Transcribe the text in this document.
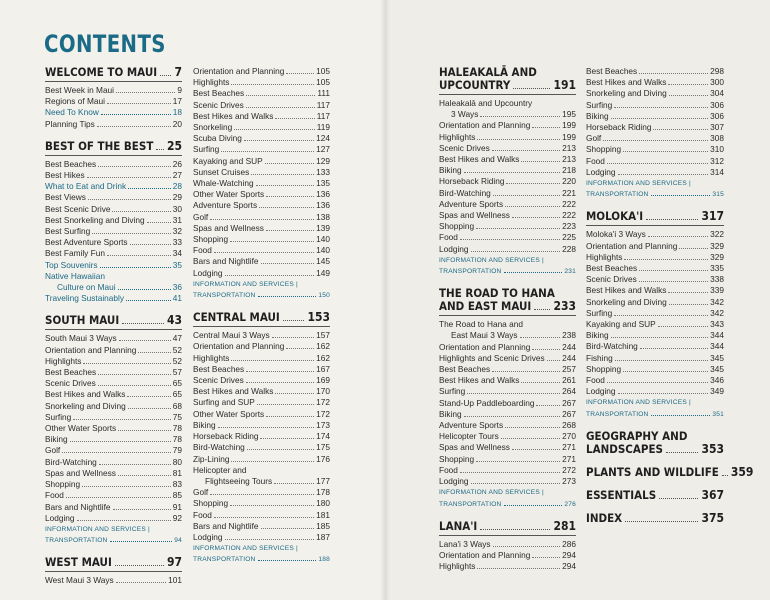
CONTENTS
WELCOME TO MAUI 7
Best Week in Maui	9
Regions of Maui	17
Need To Know	18
Planning Tips	20
BEST OF THE BEST 25
Best Beaches	26
Best Hikes	27
What to Eat and Drink	28
Best Views	29
Best Scenic Drive	30
Best Snorkeling and Diving	31
Best Surfing	32
Best Adventure Sports	33
Best Family Fun	34
Top Souvenirs	35
Native Hawaiian
Culture on Maui	36
Traveling Sustainably	41
SOUTH MAUI	43
South Maui 3 Ways	47
Orientation and Planning	52
Highlights	52
Best Beaches	57
Scenic Drives	65
Best Hikes and Walks	65
Snorkeling and Diving	68
Surfing	75
Other Water Sports	78
Biking	78
Golf	79
Bird-Watching	80
Spas and Wellness	81
Shopping	83
Food	85
Bars and Nightlife	91
Lodging	92
INFORMATION AND SERVICES |
TRANSPORTATION	94
WEST MAUI	97
West Maui 3 Ways	101
Orientation and Planning	105
Highlights	105
Best Beaches	111
Scenic Drives	117
Best Hikes and Walks	117
Snorkeling	119
Scuba Diving	124
Surfing	127
Kayaking and SUP	129
Sunset Cruises	133
Whale-Watching	135
Other Water Sports	136
Adventure Sports	136
Golf	138
Spas and Wellness	139
Shopping	140
Food	140
Bars and Nightlife	145
Lodging	149
INFORMATION AND SERVICES |
TRANSPORTATION	150
CENTRAL MAUI 153
Central Maui 3 Ways	157
Orientation and Planning	162
Highlights	162
Best Beaches	167
Scenic Drives	169
Best Hikes and Walks	170
Surfing and SUP	172
Other Water Sports	172
Biking	173
Horseback Riding	174
Bird-Watching	175
Zip-Lining	176
Helicopter and
Flightseeing Tours	177
Golf	178
Shopping	180
Food	181
Bars and Nightlife	185
Lodging	187
INFORMATION AND SERVICES |
TRANSPORTATION	188
HALEAKALĀ AND
UPCOUNTRY	191
Haleakalā and Upcountry
3 Ways	195
Orientation and Planning	199
Highlights	199
Scenic Drives	213
Best Hikes and Walks	213
Biking	218
Horseback Riding	220
Bird-Watching	221
Adventure Sports	222
Spas and Wellness	222
Shopping	223
Food	225
Lodging	228
INFORMATION AND SERVICES |
TRANSPORTATION	231
THE ROAD TO HANA
AND EAST MAUI 233
The Road to Hana and
East Maui 3 Ways	238
Orientation and Planning	244
Highlights and Scenic Drives 244
Best Beaches	257
Best Hikes and Walks	261
Surfing	264
Stand-Up Paddleboarding	267
Biking	267
Adventure Sports	268
Helicopter Tours	270
Spas and Wellness	271
Shopping	271
Food	272
Lodging	273
INFORMATION AND SERVICES |
TRANSPORTATION	276
LANA'I	281
Lana'i 3 Ways	286
Orientation and Planning	294
Highlights	294
Best Beaches	298
Best Hikes and Walks	300
Snorkeling and Diving	304
Surfing	306
Biking	306
Horseback Riding	307
Golf	308
Shopping	310
Food	312
Lodging	314
INFORMATION AND SERVICES |
TRANSPORTATION	315
MOLOKA'I	317
Moloka'i 3 Ways	322
Orientation and Planning	329
Highlights	329
Best Beaches	335
Scenic Drives	338
Best Hikes and Walks	339
Snorkeling and Diving	342
Surfing	342
Kayaking and SUP	343
Biking	344
Bird-Watching	344
Fishing	345
Shopping	345
Food	346
Lodging	349
INFORMATION AND SERVICES |
TRANSPORTATION	351
GEOGRAPHY AND
LANDSCAPES	353
PLANTS AND WILDLIFE 359
ESSENTIALS	367
INDEX	375
